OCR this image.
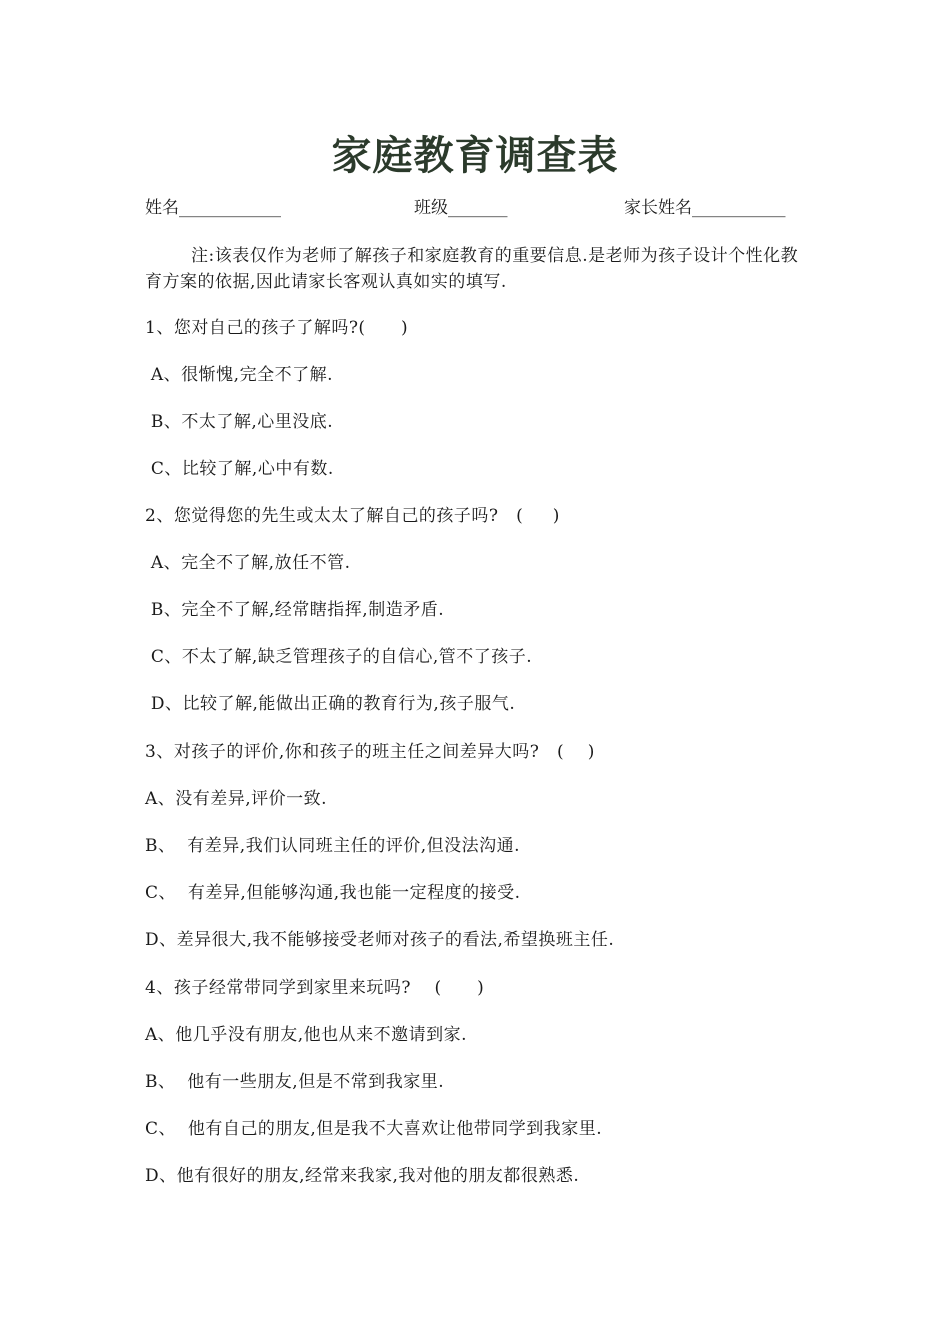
家庭教育调查表
姓名____________	班级_______	家长姓名___________
注:该表仅作为老师了解孩子和家庭教育的重要信息.是老师为孩子设计个性化教育方案的依据,因此请家长客观认真如实的填写.
1、您对自己的孩子了解吗?(      )
A、很惭愧,完全不了解.
B、不太了解,心里没底.
C、比较了解,心中有数.
2、您觉得您的先生或太太了解自己的孩子吗?   (     )
A、完全不了解,放任不管.
B、完全不了解,经常瞎指挥,制造矛盾.
C、不太了解,缺乏管理孩子的自信心,管不了孩子.
D、比较了解,能做出正确的教育行为,孩子服气.
3、对孩子的评价,你和孩子的班主任之间差异大吗?   (    )
A、没有差异,评价一致.
B、  有差异,我们认同班主任的评价,但没法沟通.
C、  有差异,但能够沟通,我也能一定程度的接受.
D、差异很大,我不能够接受老师对孩子的看法,希望换班主任.
4、孩子经常带同学到家里来玩吗?    (      )
A、他几乎没有朋友,他也从来不邀请到家.
B、  他有一些朋友,但是不常到我家里.
C、  他有自己的朋友,但是我不大喜欢让他带同学到我家里.
D、他有很好的朋友,经常来我家,我对他的朋友都很熟悉.
